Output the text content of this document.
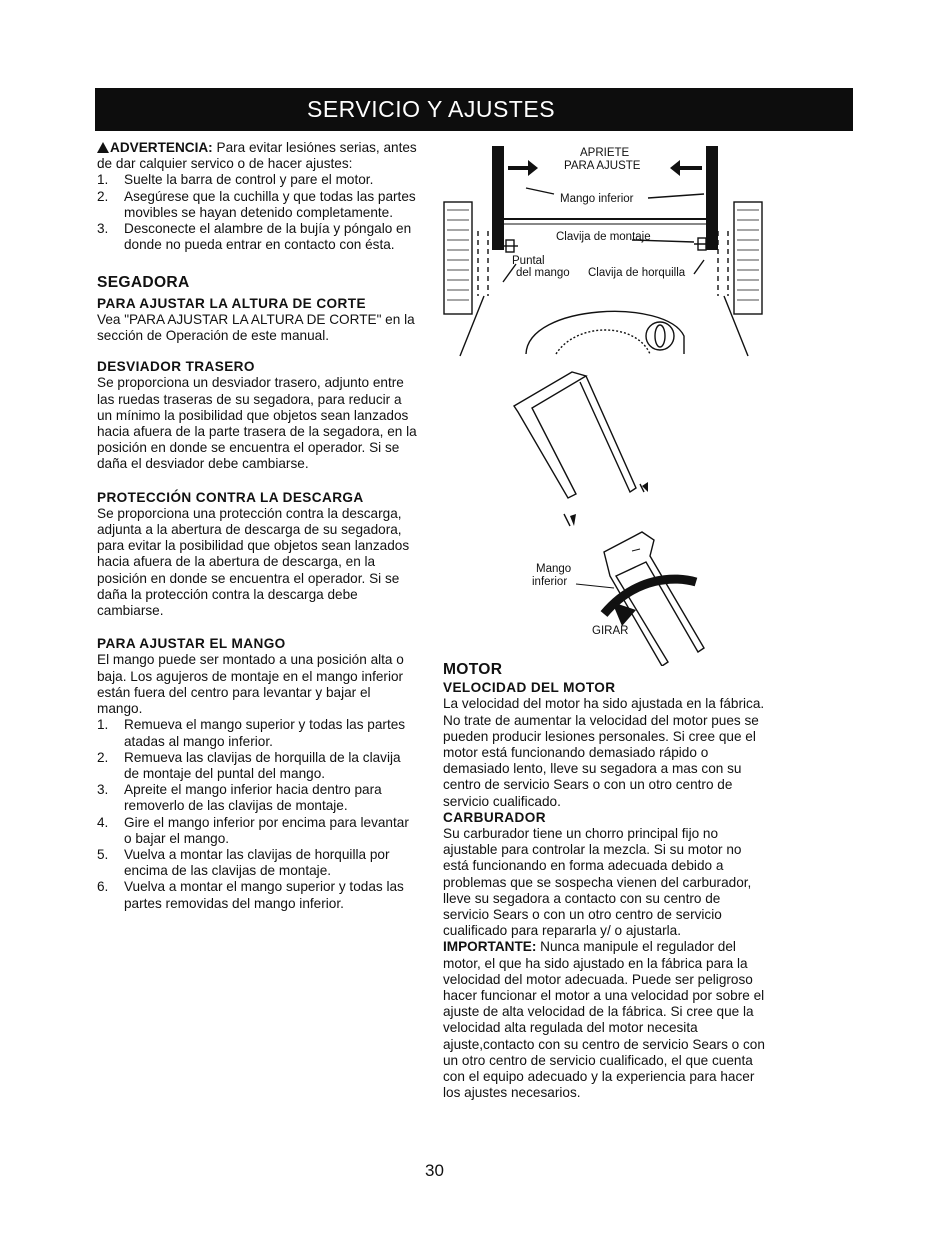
SERVICIO Y AJUSTES

ADVERTENCIA: Para evitar lesiónes serias, antes de dar calquier servico o de hacer ajustes:

1. Suelte la barra de control y pare el motor.
2. Asegúrese que la cuchilla y que todas las partes movibles se hayan detenido completamente.
3. Desconecte el alambre de la bujía y póngalo en donde no pueda entrar en contacto con ésta.

SEGADORA

PARA AJUSTAR LA ALTURA DE CORTE

Vea "PARA AJUSTAR LA ALTURA DE CORTE" en la sección de Operación de este manual.

DESVIADOR TRASERO

Se proporciona un desviador trasero, adjunto entre las ruedas traseras de su segadora, para reducir a un mínimo la posibilidad que objetos sean lanzados hacia afuera de la parte trasera de la segadora, en la posición en donde se encuentra el operador. Si se daña el desviador debe cambiarse.

PROTECCIÓN CONTRA LA DESCARGA

Se proporciona una protección contra la descarga, adjunta a la abertura de descarga de su segadora, para evitar la posibilidad que objetos sean lanzados hacia afuera de la abertura de descarga, en la posición en donde se encuentra el operador. Si se daña la protección contra la descarga debe cambiarse.

PARA AJUSTAR EL MANGO

El mango puede ser montado a una posición alta o baja. Los agujeros de montaje en el mango inferior están fuera del centro para levantar y bajar el mango.

1. Remueva el mango superior y todas las partes atadas al mango inferior.
2. Remueva las clavijas de horquilla de la clavija de montaje del puntal del mango.
3. Apreite el mango inferior hacia dentro para removerlo de las clavijas de montaje.
4. Gire el mango inferior por encima para levantar o bajar el mango.
5. Vuelva a montar las clavijas de horquilla por encima de las clavijas de montaje.
6. Vuelva a montar el mango superior y todas las partes removidas del mango inferior.
APRIETE
PARA AJUSTE
Mango inferior
Clavija de montaje
Puntal
del mango Clavija de horquilla
Mango
inferior
GIRAR

MOTOR

VELOCIDAD DEL MOTOR

La velocidad del motor ha sido ajustada en la fábrica. No trate de aumentar la velocidad del motor pues se pueden producir lesiones personales. Si cree que el motor está funcionando demasiado rápido o demasiado lento, lleve su segadora a mas con su centro de servicio Sears o con un otro centro de servicio cualificado.

CARBURADOR

Su carburador tiene un chorro principal fijo no ajustable para controlar la mezcla. Si su motor no está funcionando en forma adecuada debido a problemas que se sospecha vienen del carburador, lleve su segadora a contacto con su centro de servicio Sears o con un otro centro de servicio cualificado para repararla y/ o ajustarla.

IMPORTANTE: Nunca manipule el regulador del motor, el que ha sido ajustado en la fábrica para la velocidad del motor adecuada. Puede ser peligroso hacer funcionar el motor a una velocidad por sobre el ajuste de alta velocidad de la fábrica. Si cree que la velocidad alta regulada del motor necesita ajuste,contacto con su centro de servicio Sears o con un otro centro de servicio cualificado, el que cuenta con el equipo adecuado y la experiencia para hacer los ajustes necesarios.

30
